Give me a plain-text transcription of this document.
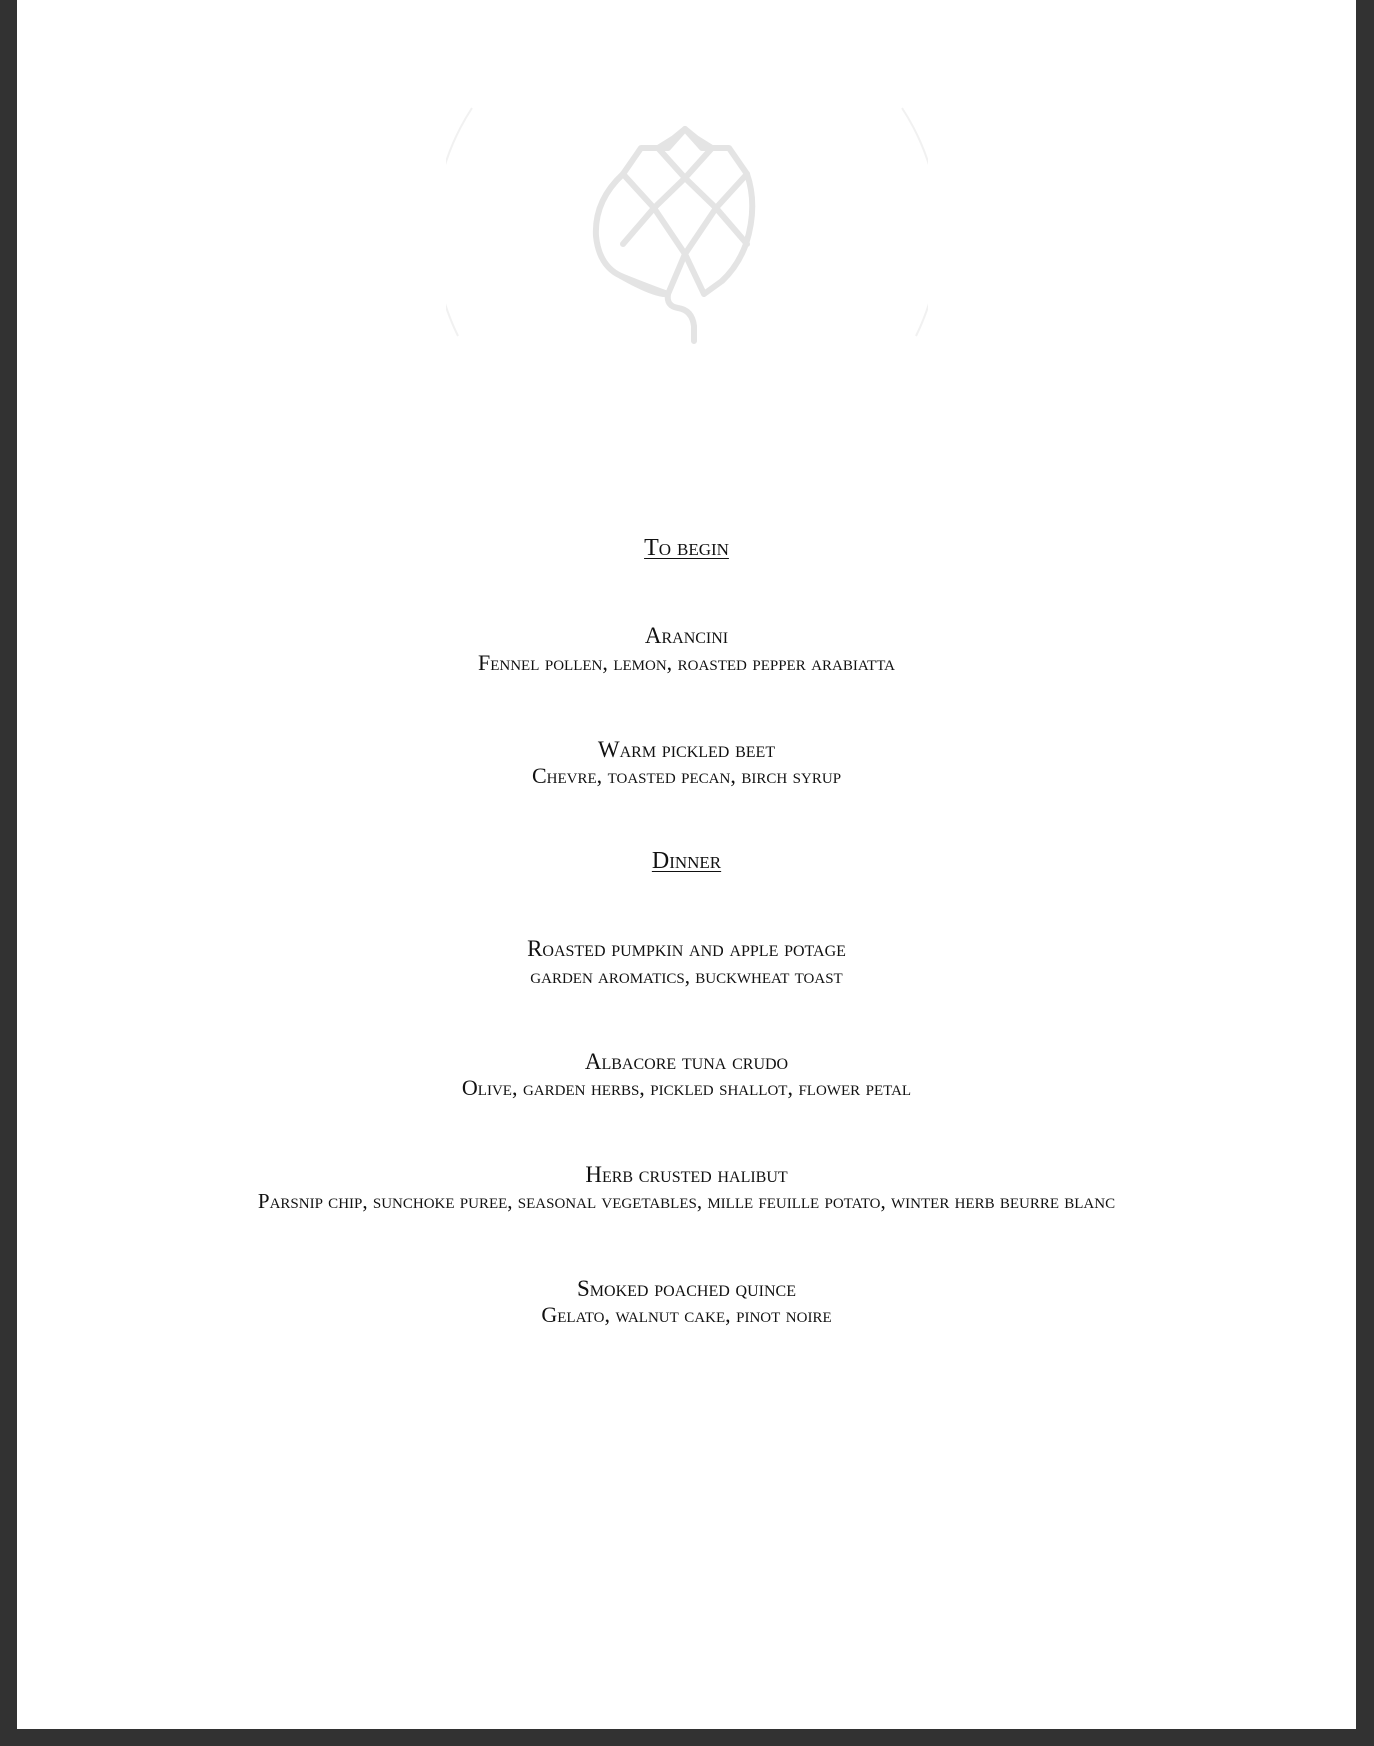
To begin

Arancini

Fennel pollen, lemon, roasted pepper arabiatta

Warm pickled beet

Chevre, toasted pecan, birch syrup

Dinner

Roasted pumpkin and apple potage

garden aromatics, buckwheat toast

Albacore tuna crudo

Olive, garden herbs, pickled shallot, flower petal

Herb crusted halibut

Parsnip chip, sunchoke puree, seasonal vegetables, mille feuille potato, winter herb beurre blanc

Smoked poached quince

Gelato, walnut cake, pinot noire
